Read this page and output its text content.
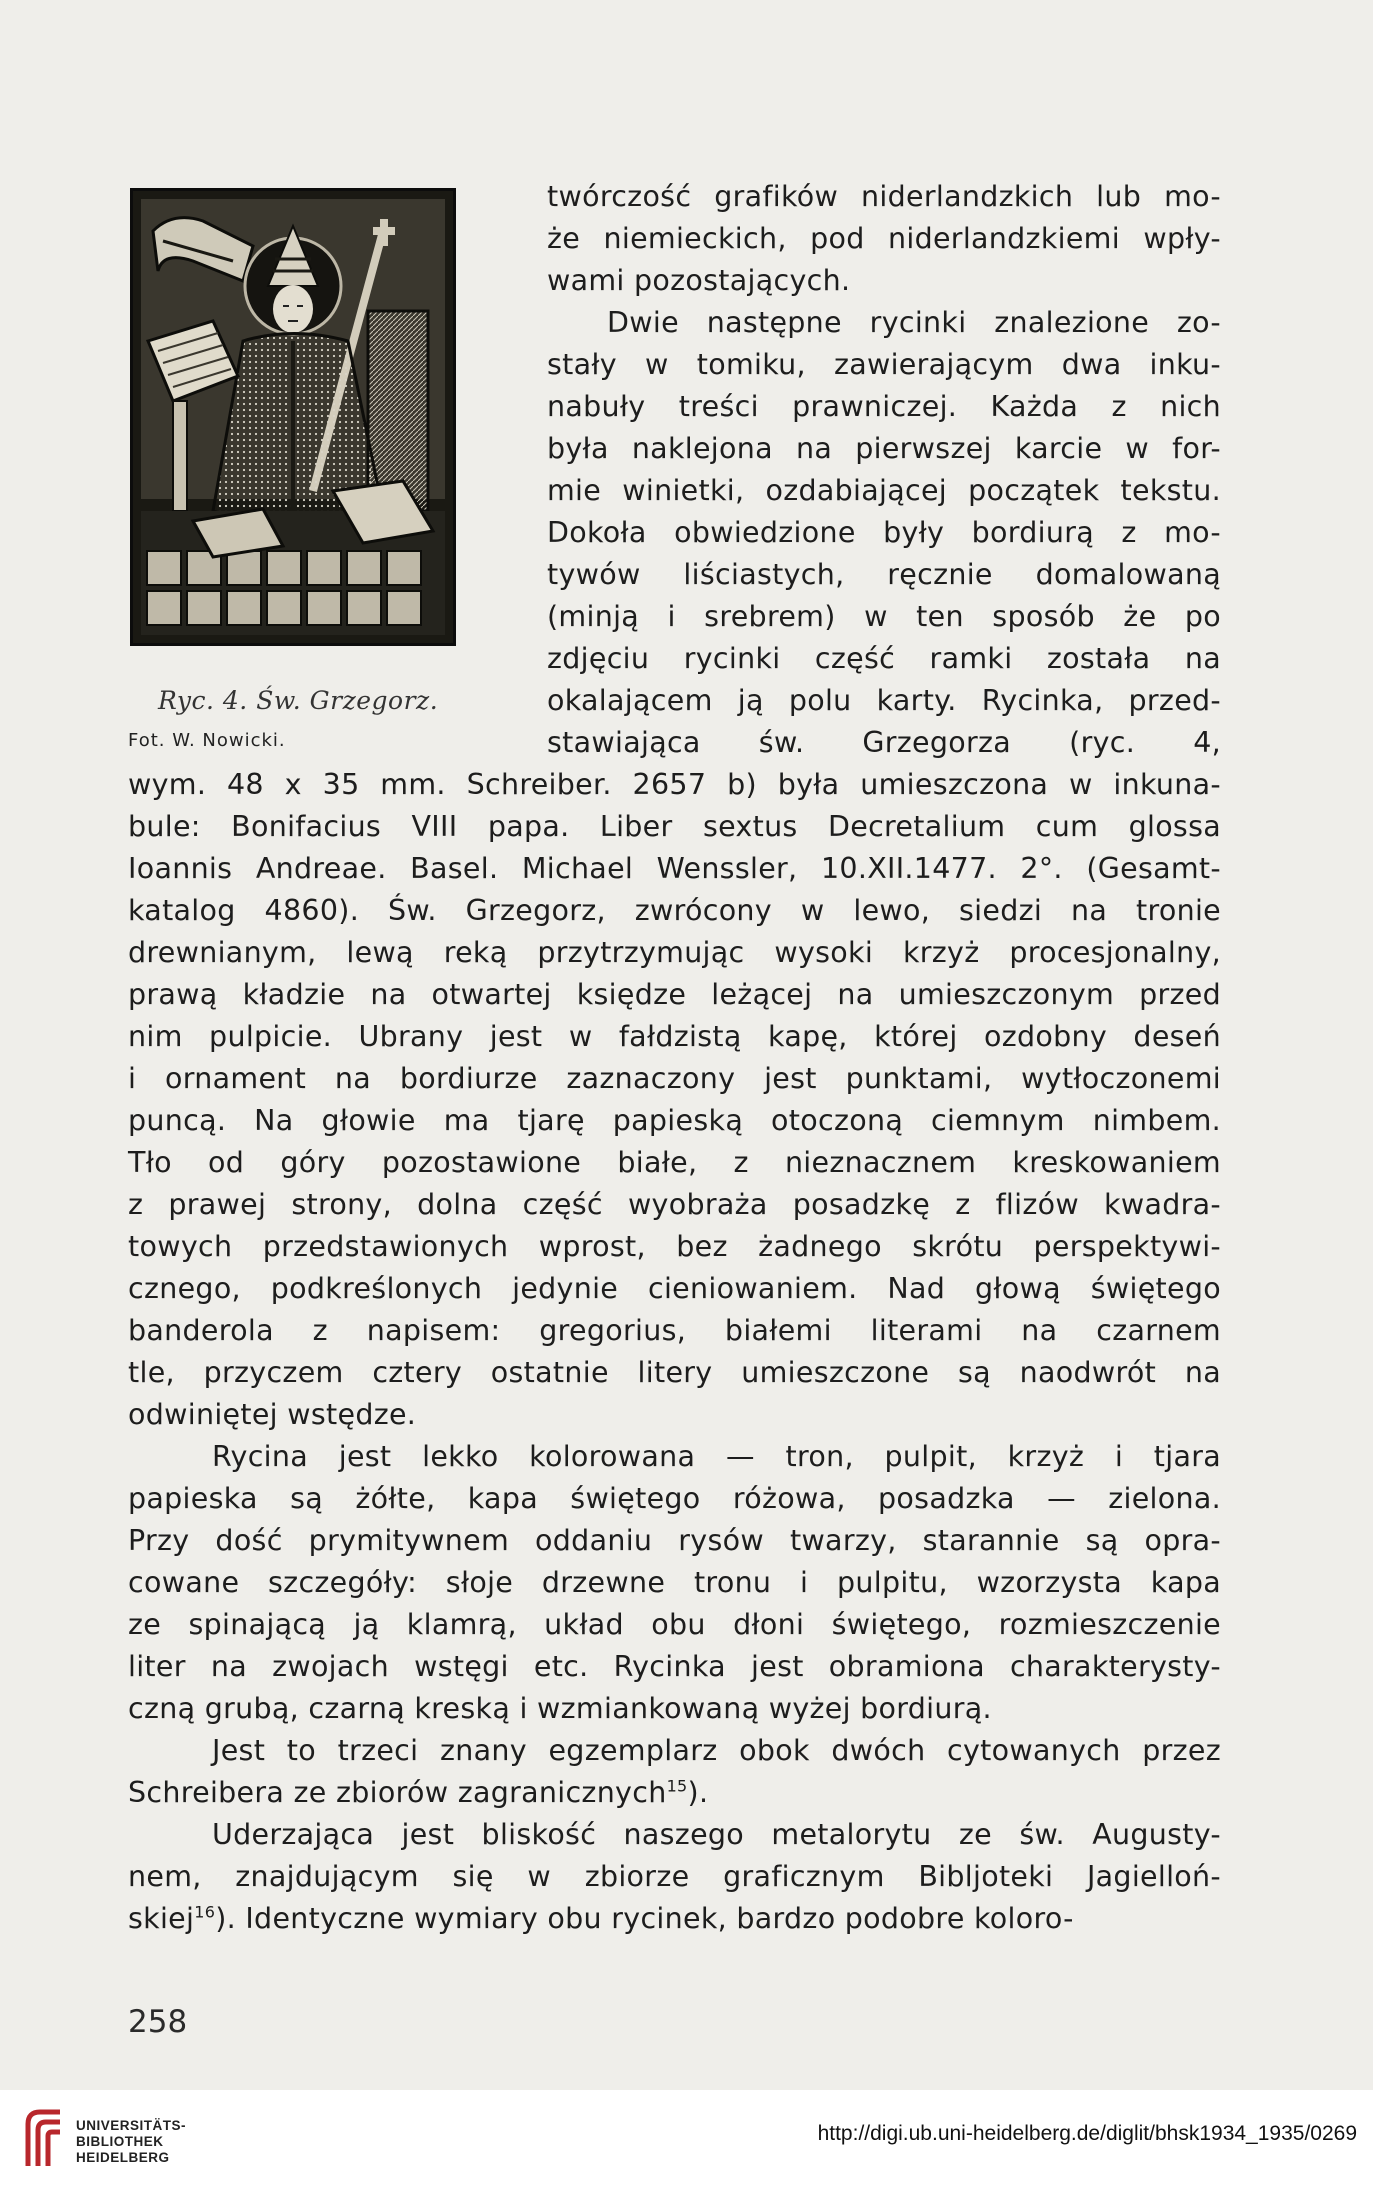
Ryc. 4. Św. Grzegorz.
Fot. W. Nowicki.
twórczość grafików niderlandzkich lub mo-
że niemieckich, pod niderlandzkiemi wpły-
wami pozostających.
Dwie następne rycinki znalezione zo-
stały w tomiku, zawierającym dwa inku-
nabuły treści prawniczej. Każda z nich
była naklejona na pierwszej karcie w for-
mie winietki, ozdabiającej początek tekstu.
Dokoła obwiedzione były bordiurą z mo-
tywów liściastych, ręcznie domalowaną
(minją i srebrem) w ten sposób że po
zdjęciu rycinki część ramki została na
okalającem ją polu karty. Rycinka, przed-
stawiająca św. Grzegorza (ryc. 4,
wym. 48 x 35 mm. Schreiber. 2657 b) była umieszczona w inkuna-
bule: Bonifacius VIII papa. Liber sextus Decretalium cum glossa
Ioannis Andreae. Basel. Michael Wenssler, 10.XII.1477. 2°. (Gesamt-
katalog 4860). Św. Grzegorz, zwrócony w lewo, siedzi na tronie
drewnianym, lewą reką przytrzymując wysoki krzyż procesjonalny,
prawą kładzie na otwartej księdze leżącej na umieszczonym przed
nim pulpicie. Ubrany jest w fałdzistą kapę, której ozdobny deseń
i ornament na bordiurze zaznaczony jest punktami, wytłoczonemi
puncą. Na głowie ma tjarę papieską otoczoną ciemnym nimbem.
Tło od góry pozostawione białe, z nieznacznem kreskowaniem
z prawej strony, dolna część wyobraża posadzkę z flizów kwadra-
towych przedstawionych wprost, bez żadnego skrótu perspektywi-
cznego, podkreślonych jedynie cieniowaniem. Nad głową świętego
banderola z napisem: gregorius, białemi literami na czarnem
tle, przyczem cztery ostatnie litery umieszczone są naodwrót na
odwiniętej wstędze.
Rycina jest lekko kolorowana — tron, pulpit, krzyż i tjara
papieska są żółte, kapa świętego różowa, posadzka — zielona.
Przy dość prymitywnem oddaniu rysów twarzy, starannie są opra-
cowane szczegóły: słoje drzewne tronu i pulpitu, wzorzysta kapa
ze spinającą ją klamrą, układ obu dłoni świętego, rozmieszczenie
liter na zwojach wstęgi etc. Rycinka jest obramiona charakterysty-
czną grubą, czarną kreską i wzmiankowaną wyżej bordiurą.
Jest to trzeci znany egzemplarz obok dwóch cytowanych przez
Schreibera ze zbiorów zagranicznych$^{15}$).
Uderzająca jest bliskość naszego metalorytu ze św. Augusty-
nem, znajdującym się w zbiorze graficznym Bibljoteki Jagielloń-
skiej$^{16}$). Identyczne wymiary obu rycinek, bardzo podobre koloro-
258
UNIVERSITÄTS-
BIBLIOTHEK
HEIDELBERG
http://digi.ub.uni-heidelberg.de/diglit/bhsk1934_1935/0269
